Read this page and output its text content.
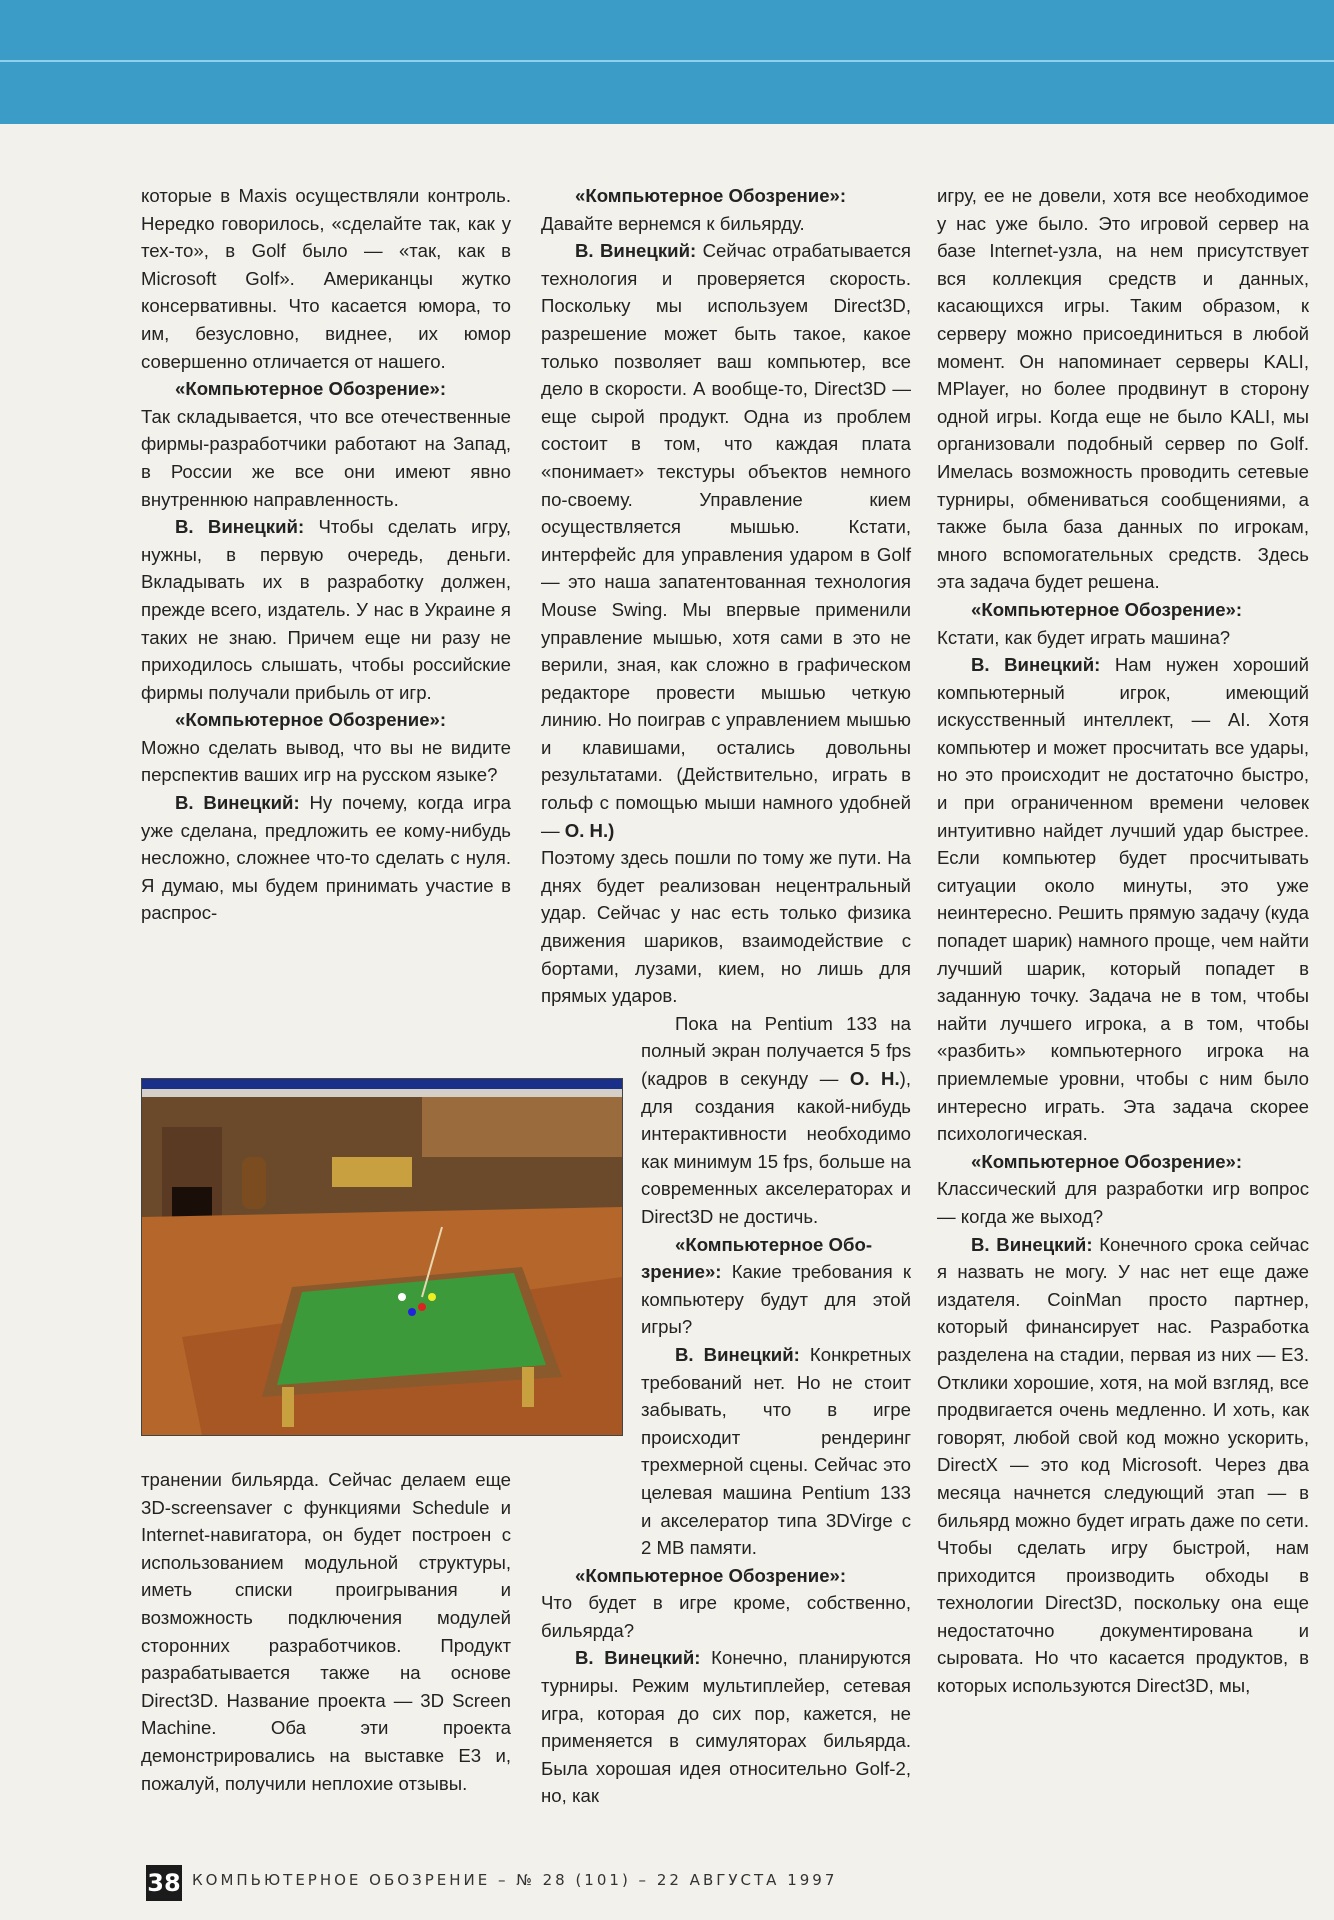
которые в Maxis осуществляли контроль. Нередко говорилось, «сделайте так, как у тех-то», в Golf было — «так, как в Microsoft Golf». Американцы жутко консервативны. Что касается юмора, то им, безусловно, виднее, их юмор совершенно отличается от нашего.

«Компьютерное Обозрение»:

Так складывается, что все отечественные фирмы-разработчики работают на Запад, в России же все они имеют явно внутреннюю направленность.

В. Винецкий: Чтобы сделать игру, нужны, в первую очередь, деньги. Вкладывать их в разработку должен, прежде всего, издатель. У нас в Украине я таких не знаю. Причем еще ни разу не приходилось слышать, чтобы российские фирмы получали прибыль от игр.

«Компьютерное Обозрение»:

Можно сделать вывод, что вы не видите перспектив ваших игр на русском языке?

В. Винецкий: Ну почему, когда игра уже сделана, предложить ее кому-нибудь несложно, сложнее что-то сделать с нуля. Я думаю, мы будем принимать участие в распрос-

транении бильярда. Сейчас делаем еще 3D-screensaver с функциями Schedule и Internet-навигатора, он будет построен с использованием модульной структуры, иметь списки проигрывания и возможность подключения модулей сторонних разработчиков. Продукт разрабатывается также на основе Direct3D. Название проекта — 3D Screen Machine. Оба эти проекта демонстрировались на выставке E3 и, пожалуй, получили неплохие отзывы.

«Компьютерное Обозрение»:

Давайте вернемся к бильярду.

В. Винецкий: Сейчас отрабатывается технология и проверяется скорость. Поскольку мы используем Direct3D, разрешение может быть такое, какое только позволяет ваш компьютер, все дело в скорости. А вообще-то, Direct3D — еще сырой продукт. Одна из проблем состоит в том, что каждая плата «понимает» текстуры объектов немного по-своему. Управление кием осуществляется мышью. Кстати, интерфейс для управления ударом в Golf — это наша запатентованная технология Mouse Swing. Мы впервые применили управление мышью, хотя сами в это не верили, зная, как сложно в графическом редакторе провести мышью четкую линию. Но поиграв с управлением мышью и клавишами, остались довольны результатами. (Действительно, играть в гольф с помощью мыши намного удобней — О. Н.)

Поэтому здесь пошли по тому же пути. На днях будет реализован нецентральный удар. Сейчас у нас есть только физика движения шариков, взаимодействие с бортами, лузами, кием, но лишь для прямых ударов.

Пока на Pentium 133 на полный экран получается 5 fps (кадров в секунду — О. Н.), для создания какой-нибудь интерактивности необходимо как минимум 15 fps, больше на современных акселераторах и Direct3D не достичь.

«Компьютерное Обо-
зрение»: Какие требования к компьютеру будут для этой игры?

В. Винецкий: Конкретных требований нет. Но не стоит забывать, что в игре происходит рендеринг трехмерной сцены. Сейчас это целевая машина Pentium 133 и акселератор типа 3DVirge с 2 MB памяти.

«Компьютерное Обозрение»:

Что будет в игре кроме, собственно, бильярда?

В. Винецкий: Конечно, планируются турниры. Режим мультиплейер, сетевая игра, которая до сих пор, кажется, не применяется в симуляторах бильярда. Была хорошая идея относительно Golf-2, но, как

игру, ее не довели, хотя все необходимое у нас уже было. Это игровой сервер на базе Internet-узла, на нем присутствует вся коллекция средств и данных, касающихся игры. Таким образом, к серверу можно присоединиться в любой момент. Он напоминает серверы KALI, MPlayer, но более продвинут в сторону одной игры. Когда еще не было KALI, мы организовали подобный сервер по Golf. Имелась возможность проводить сетевые турниры, обмениваться сообщениями, а также была база данных по игрокам, много вспомогательных средств. Здесь эта задача будет решена.

«Компьютерное Обозрение»:

Кстати, как будет играть машина?

В. Винецкий: Нам нужен хороший компьютерный игрок, имеющий искусственный интеллект, — AI. Хотя компьютер и может просчитать все удары, но это происходит не достаточно быстро, и при ограниченном времени человек интуитивно найдет лучший удар быстрее. Если компьютер будет просчитывать ситуации около минуты, это уже неинтересно. Решить прямую задачу (куда попадет шарик) намного проще, чем найти лучший шарик, который попадет в заданную точку. Задача не в том, чтобы найти лучшего игрока, а в том, чтобы «разбить» компьютерного игрока на приемлемые уровни, чтобы с ним было интересно играть. Эта задача скорее психологическая.

«Компьютерное Обозрение»:

Классический для разработки игр вопрос — когда же выход?

В. Винецкий: Конечного срока сейчас я назвать не могу. У нас нет еще даже издателя. CoinMan просто партнер, который финансирует нас. Разработка разделена на стадии, первая из них — E3. Отклики хорошие, хотя, на мой взгляд, все продвигается очень медленно. И хоть, как говорят, любой свой код можно ускорить, DirectX — это код Microsoft. Через два месяца начнется следующий этап — в бильярд можно будет играть даже по сети. Чтобы сделать игру быстрой, нам приходится производить обходы в технологии Direct3D, поскольку она еще недостаточно документирована и сыровата. Но что касается продуктов, в которых используются Direct3D, мы,

38 КОМПЬЮТЕРНОЕ ОБОЗРЕНИЕ – № 28 (101) – 22 АВГУСТА 1997
